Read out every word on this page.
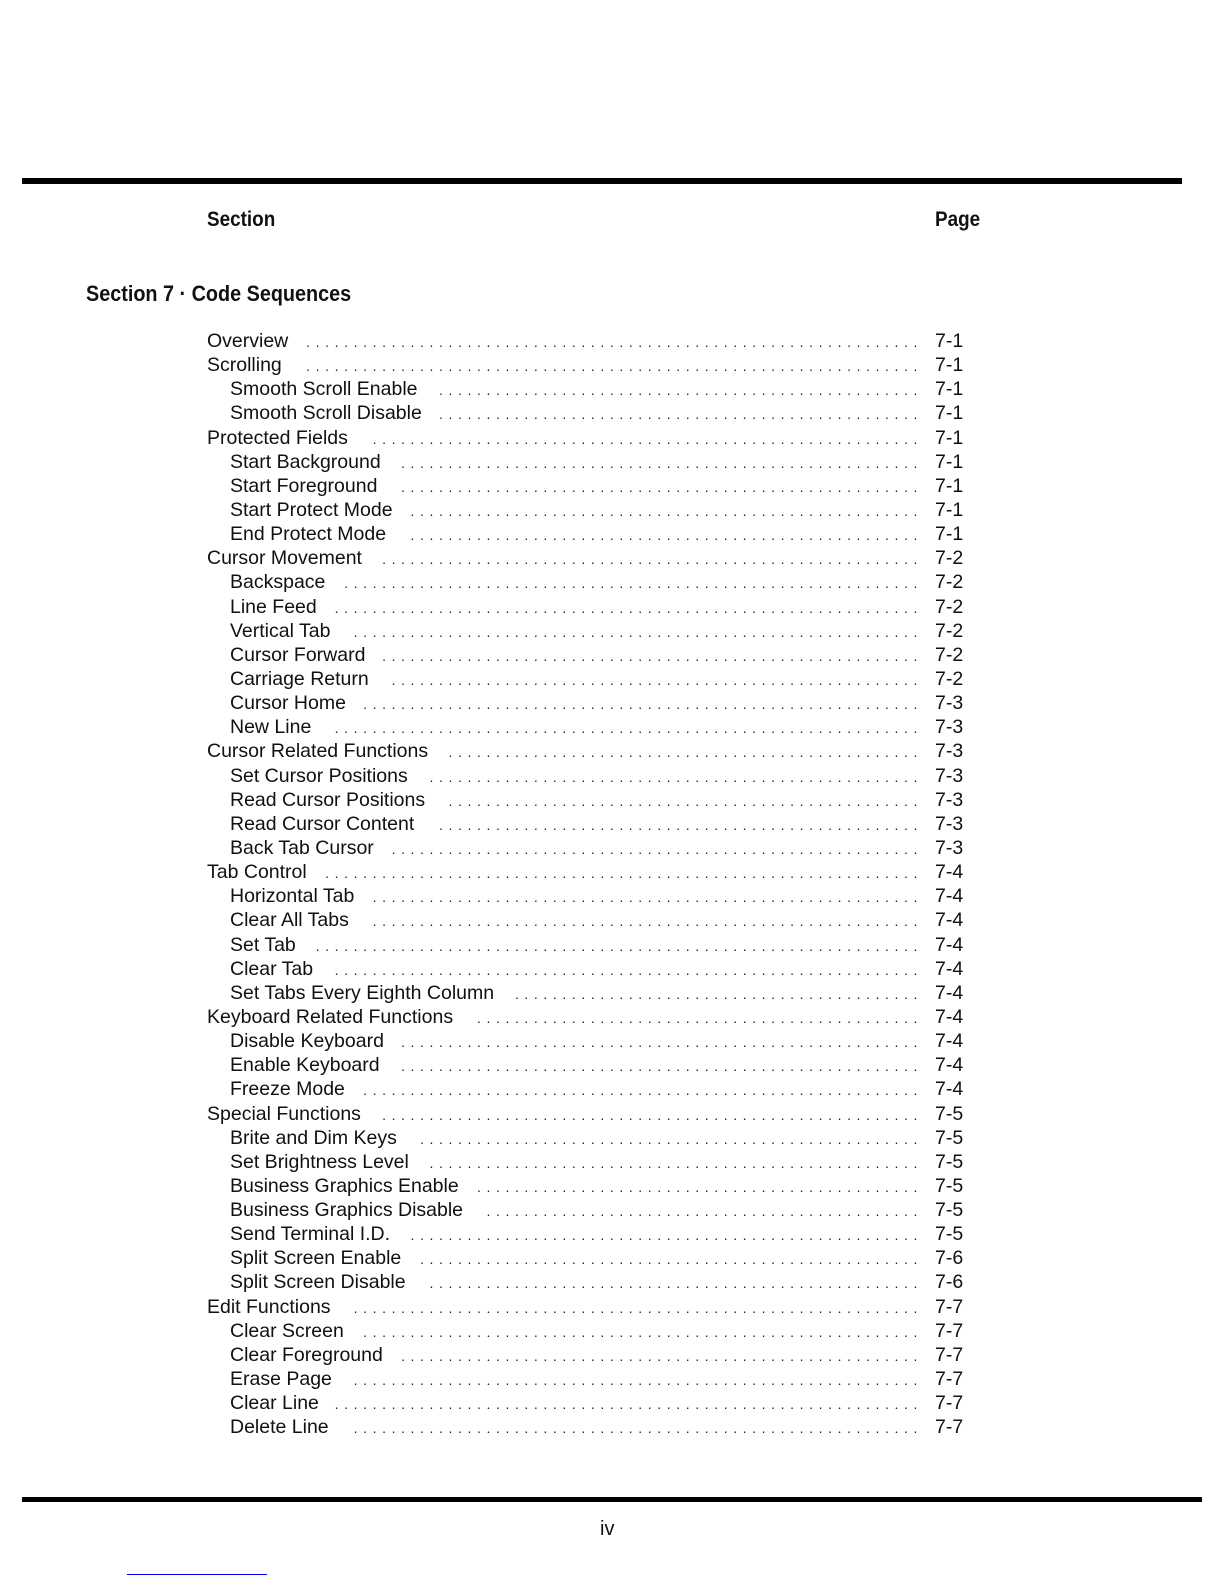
Section	Page
Section 7 · Code Sequences
Overview	................................................................. 7-1
Scrolling	................................................................. 7-1
Smooth Scroll Enable	................................................... 7-1
Smooth Scroll Disable	................................................... 7-1
Protected Fields	.......................................................... 7-1
Start Background	....................................................... 7-1
Start Foreground	....................................................... 7-1
Start Protect Mode	...................................................... 7-1
End Protect Mode	...................................................... 7-1
Cursor Movement	......................................................... 7-2
Backspace	............................................................. 7-2
Line Feed	.............................................................. 7-2
Vertical Tab	............................................................ 7-2
Cursor Forward	......................................................... 7-2
Carriage Return	........................................................ 7-2
Cursor Home	........................................................... 7-3
New Line	.............................................................. 7-3
Cursor Related Functions	.................................................. 7-3
Set Cursor Positions	.................................................... 7-3
Read Cursor Positions	.................................................. 7-3
Read Cursor Content	................................................... 7-3
Back Tab Cursor	........................................................ 7-3
Tab Control	............................................................... 7-4
Horizontal Tab	.......................................................... 7-4
Clear All Tabs	.......................................................... 7-4
Set Tab	................................................................ 7-4
Clear Tab	.............................................................. 7-4
Set Tabs Every Eighth Column	........................................... 7-4
Keyboard Related Functions	............................................... 7-4
Disable Keyboard	....................................................... 7-4
Enable Keyboard	....................................................... 7-4
Freeze Mode	........................................................... 7-4
Special Functions	......................................................... 7-5
Brite and Dim Keys	..................................................... 7-5
Set Brightness Level	.................................................... 7-5
Business Graphics Enable	............................................... 7-5
Business Graphics Disable	.............................................. 7-5
Send Terminal I.D.	...................................................... 7-5
Split Screen Enable	..................................................... 7-6
Split Screen Disable	.................................................... 7-6
Edit Functions	............................................................ 7-7
Clear Screen	........................................................... 7-7
Clear Foreground	....................................................... 7-7
Erase Page	............................................................ 7-7
Clear Line	.............................................................. 7-7
Delete Line	............................................................ 7-7
iv
